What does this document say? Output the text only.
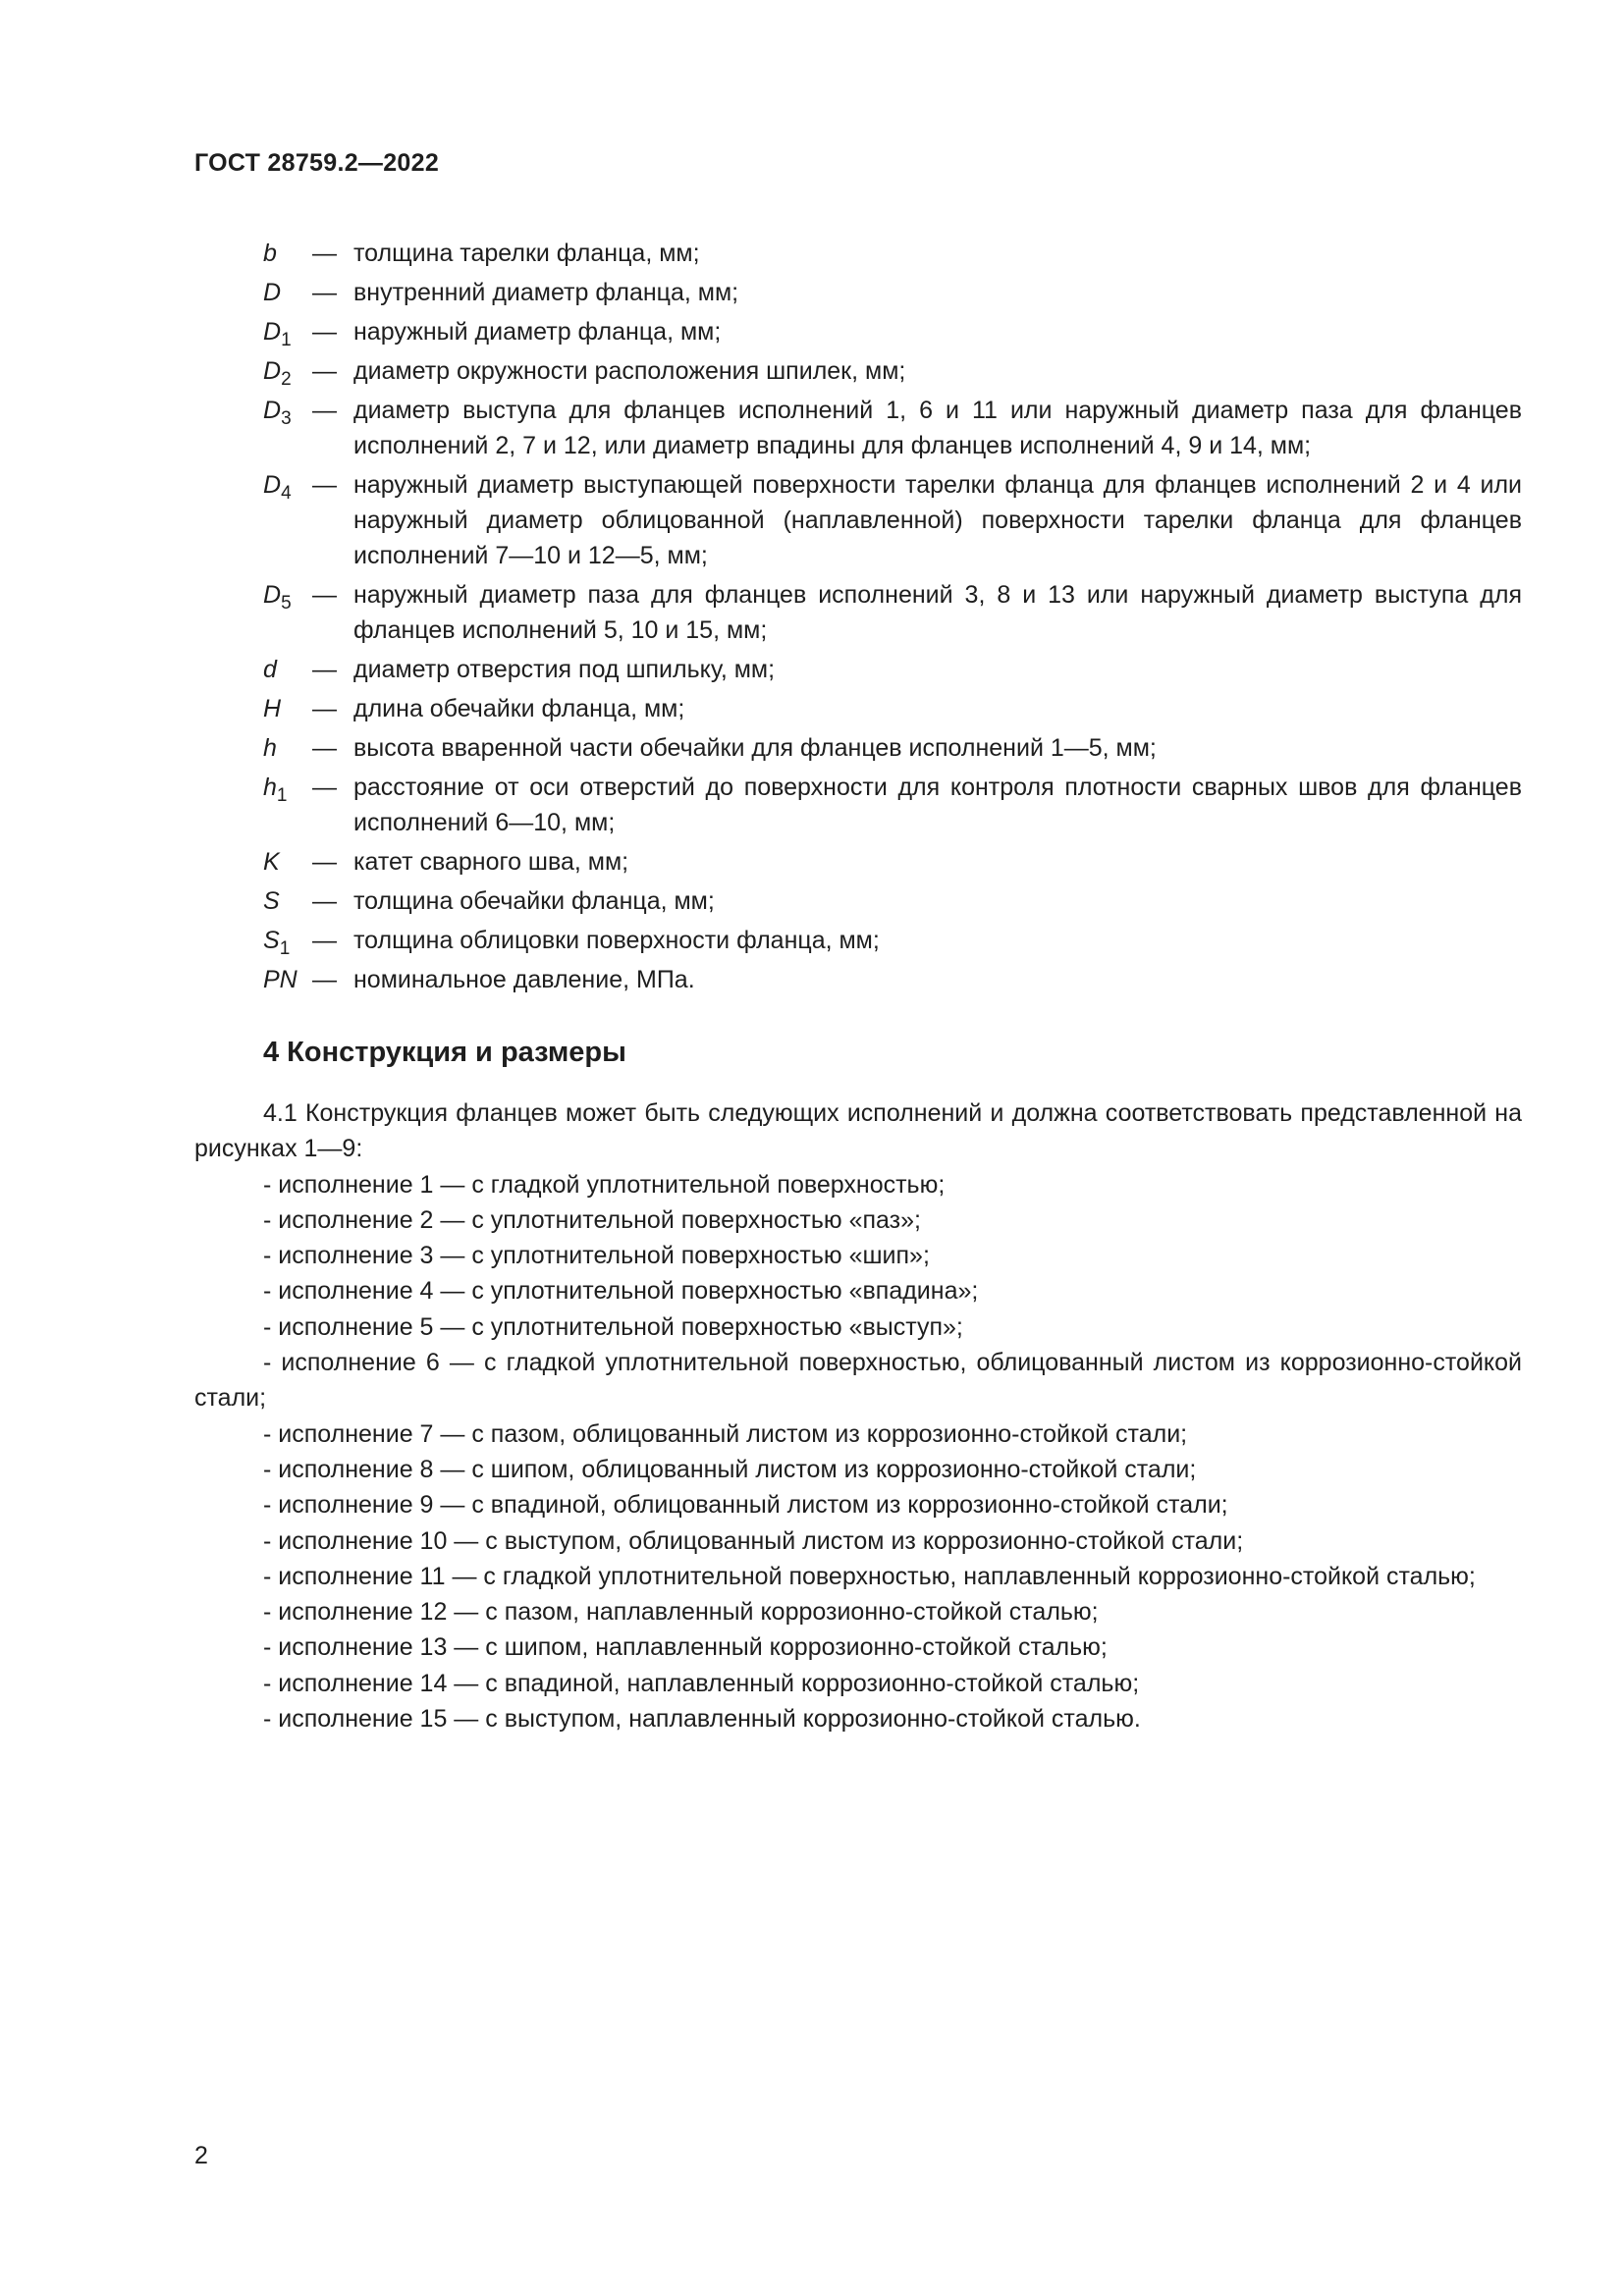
ГОСТ 28759.2—2022
b	— толщина тарелки фланца, мм;
D	— внутренний диаметр фланца, мм;
$D_1$ — наружный диаметр фланца, мм;
$D_2$ — диаметр окружности расположения шпилек, мм;
$D_3$ — диаметр выступа для фланцев исполнений 1, 6 и 11 или наружный диаметр паза для фланцев исполнений 2, 7 и 12, или диаметр впадины для фланцев исполнений 4, 9 и 14, мм;
$D_4$ — наружный диаметр выступающей поверхности тарелки фланца для фланцев исполнений 2 и 4 или наружный диаметр облицованной (наплавленной) поверхности тарелки фланца для фланцев исполнений 7—10 и 12—5, мм;
$D_5$ — наружный диаметр паза для фланцев исполнений 3, 8 и 13 или наружный диаметр выступа для фланцев исполнений 5, 10 и 15, мм;
d	— диаметр отверстия под шпильку, мм;
H	— длина обечайки фланца, мм;
h	— высота вваренной части обечайки для фланцев исполнений 1—5, мм;
$h_1$	— расстояние от оси отверстий до поверхности для контроля плотности сварных швов для фланцев исполнений 6—10, мм;
K	— катет сварного шва, мм;
S	— толщина обечайки фланца, мм;
$S_1$ — толщина облицовки поверхности фланца, мм;
PN — номинальное давление, МПа.
4 Конструкция и размеры

4.1 Конструкция фланцев может быть следующих исполнений и должна соответствовать представленной на рисунках 1—9:

- исполнение 1 — с гладкой уплотнительной поверхностью;

- исполнение 2 — с уплотнительной поверхностью «паз»;

- исполнение 3 — с уплотнительной поверхностью «шип»;

- исполнение 4 — с уплотнительной поверхностью «впадина»;

- исполнение 5 — с уплотнительной поверхностью «выступ»;

- исполнение 6 — с гладкой уплотнительной поверхностью, облицованный листом из коррозионно-стойкой стали;

- исполнение 7 — с пазом, облицованный листом из коррозионно-стойкой стали;

- исполнение 8 — с шипом, облицованный листом из коррозионно-стойкой стали;

- исполнение 9 — с впадиной, облицованный листом из коррозионно-стойкой стали;

- исполнение 10 — с выступом, облицованный листом из коррозионно-стойкой стали;

- исполнение 11 — с гладкой уплотнительной поверхностью, наплавленный коррозионно-стойкой сталью;

- исполнение 12 — с пазом, наплавленный коррозионно-стойкой сталью;

- исполнение 13 — с шипом, наплавленный коррозионно-стойкой сталью;

- исполнение 14 — с впадиной, наплавленный коррозионно-стойкой сталью;

- исполнение 15 — с выступом, наплавленный коррозионно-стойкой сталью.

2
